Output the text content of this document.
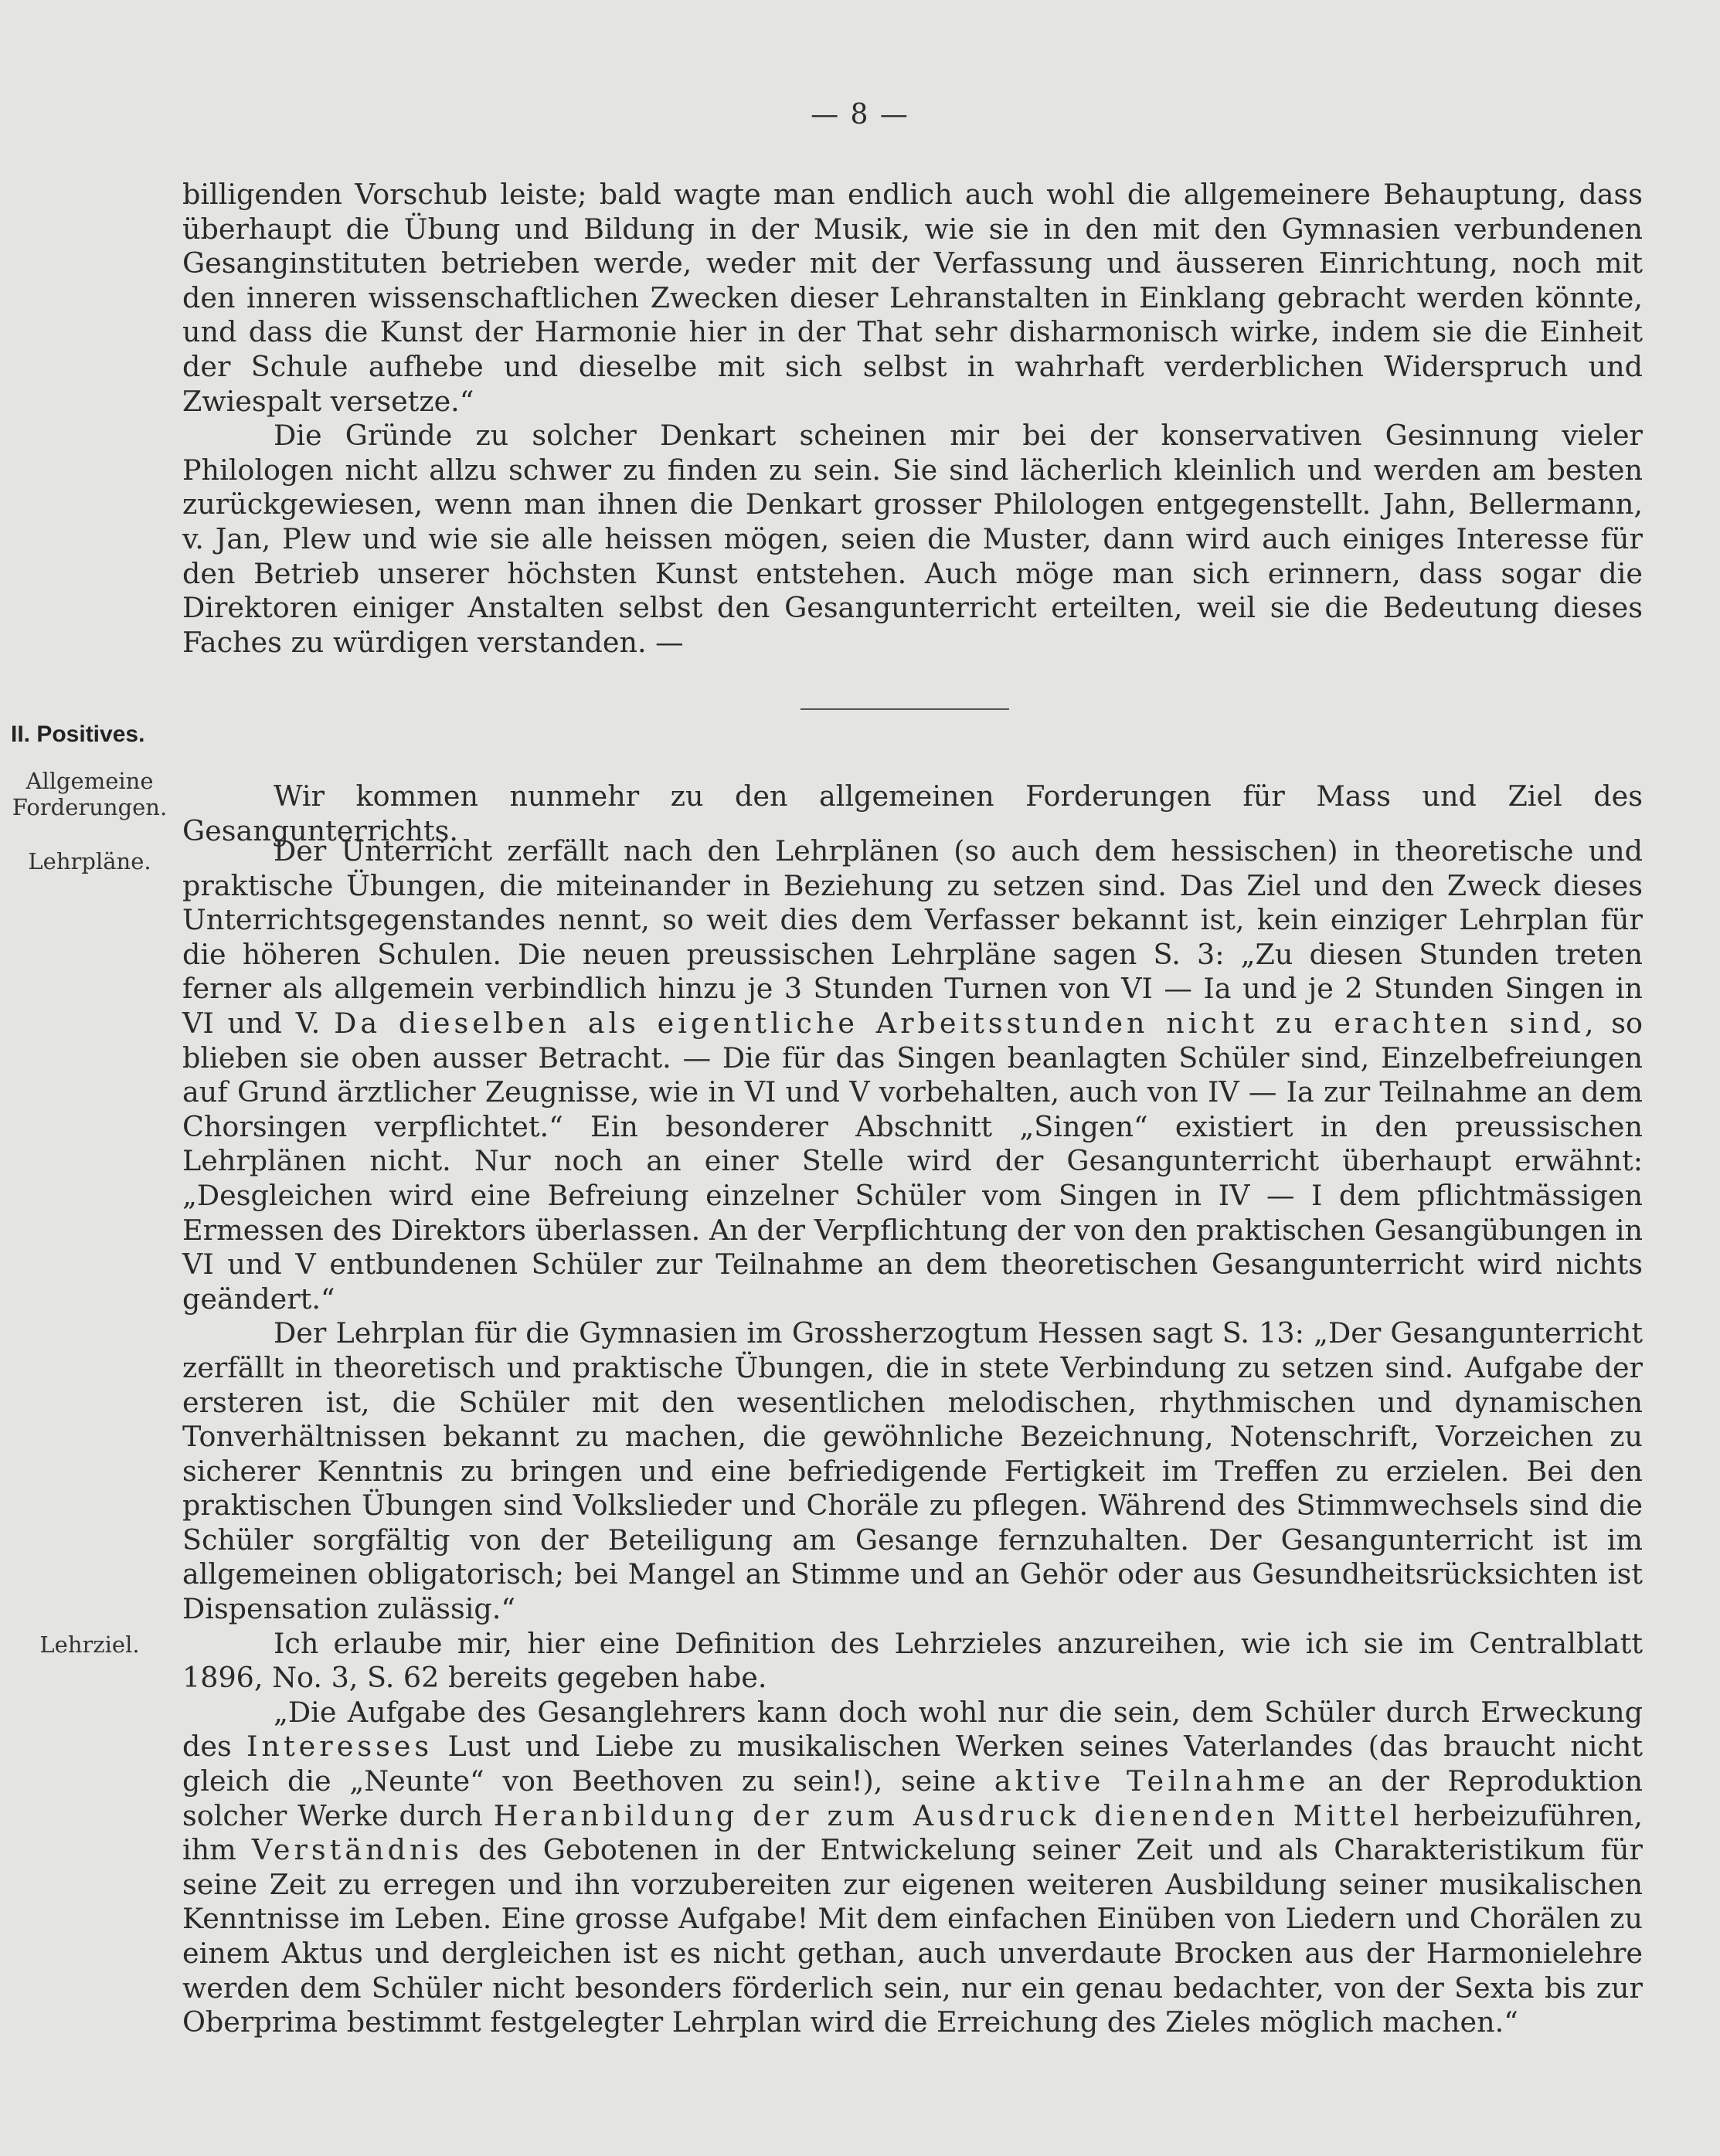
— 8 —

billigenden Vorschub leiste; bald wagte man endlich auch wohl die allgemeinere Behauptung, dass überhaupt die Übung und Bildung in der Musik, wie sie in den mit den Gymnasien verbundenen Gesanginstituten betrieben werde, weder mit der Verfassung und äusseren Einrichtung, noch mit den inneren wissenschaftlichen Zwecken dieser Lehranstalten in Einklang gebracht werden könnte, und dass die Kunst der Harmonie hier in der That sehr disharmonisch wirke, indem sie die Einheit der Schule aufhebe und dieselbe mit sich selbst in wahrhaft verderblichen Widerspruch und Zwiespalt versetze.“

Die Gründe zu solcher Denkart scheinen mir bei der konservativen Gesinnung vieler Philologen nicht allzu schwer zu finden zu sein. Sie sind lächerlich kleinlich und werden am besten zurückgewiesen, wenn man ihnen die Denkart grosser Philologen entgegenstellt. Jahn, Bellermann, v. Jan, Plew und wie sie alle heissen mögen, seien die Muster, dann wird auch einiges Interesse für den Betrieb unserer höchsten Kunst entstehen. Auch möge man sich erinnern, dass sogar die Direktoren einiger Anstalten selbst den Gesangunterricht erteilten, weil sie die Bedeutung dieses Faches zu würdigen verstanden. —

II. Positives.
Allgemeine
Forderungen.
Lehrpläne.
Lehrziel.

Wir kommen nunmehr zu den allgemeinen Forderungen für Mass und Ziel des Gesangunterrichts.

Der Unterricht zerfällt nach den Lehrplänen (so auch dem hessischen) in theoretische und praktische Übungen, die miteinander in Beziehung zu setzen sind. Das Ziel und den Zweck dieses Unterrichtsgegenstandes nennt, so weit dies dem Verfasser bekannt ist, kein einziger Lehrplan für die höheren Schulen. Die neuen preussischen Lehrpläne sagen S. 3: „Zu diesen Stunden treten ferner als allgemein verbindlich hinzu je 3 Stunden Turnen von VI — Ia und je 2 Stunden Singen in VI und V. Da dieselben als eigentliche Arbeitsstunden nicht zu erachten sind, so blieben sie oben ausser Betracht. — Die für das Singen beanlagten Schüler sind, Einzelbefreiungen auf Grund ärztlicher Zeugnisse, wie in VI und V vorbehalten, auch von IV — Ia zur Teilnahme an dem Chorsingen verpflichtet.“ Ein besonderer Abschnitt „Singen“ existiert in den preussischen Lehrplänen nicht. Nur noch an einer Stelle wird der Gesangunterricht überhaupt erwähnt: „Desgleichen wird eine Befreiung einzelner Schüler vom Singen in IV — I dem pflichtmässigen Ermessen des Direktors überlassen. An der Verpflichtung der von den praktischen Gesangübungen in VI und V entbundenen Schüler zur Teilnahme an dem theoretischen Gesangunterricht wird nichts geändert.“

Der Lehrplan für die Gymnasien im Grossherzogtum Hessen sagt S. 13: „Der Gesangunterricht zerfällt in theoretisch und praktische Übungen, die in stete Verbindung zu setzen sind. Aufgabe der ersteren ist, die Schüler mit den wesentlichen melodischen, rhythmischen und dynamischen Tonverhältnissen bekannt zu machen, die gewöhnliche Bezeichnung, Notenschrift, Vorzeichen zu sicherer Kenntnis zu bringen und eine befriedigende Fertigkeit im Treffen zu erzielen. Bei den praktischen Übungen sind Volkslieder und Choräle zu pflegen. Während des Stimmwechsels sind die Schüler sorgfältig von der Beteiligung am Gesange fernzuhalten. Der Gesangunterricht ist im allgemeinen obligatorisch; bei Mangel an Stimme und an Gehör oder aus Gesundheitsrücksichten ist Dispensation zulässig.“

Ich erlaube mir, hier eine Definition des Lehrzieles anzureihen, wie ich sie im Centralblatt 1896, No. 3, S. 62 bereits gegeben habe.

„Die Aufgabe des Gesanglehrers kann doch wohl nur die sein, dem Schüler durch Erweckung des Interesses Lust und Liebe zu musikalischen Werken seines Vaterlandes (das braucht nicht gleich die „Neunte“ von Beethoven zu sein!), seine aktive Teilnahme an der Reproduktion solcher Werke durch Heranbildung der zum Ausdruck dienenden Mittel herbeizuführen, ihm Verständnis des Gebotenen in der Entwickelung seiner Zeit und als Charakteristikum für seine Zeit zu erregen und ihn vorzubereiten zur eigenen weiteren Ausbildung seiner musikalischen Kenntnisse im Leben. Eine grosse Aufgabe! Mit dem einfachen Einüben von Liedern und Chorälen zu einem Aktus und dergleichen ist es nicht gethan, auch unverdaute Brocken aus der Harmonielehre werden dem Schüler nicht besonders förderlich sein, nur ein genau bedachter, von der Sexta bis zur Oberprima bestimmt festgelegter Lehrplan wird die Erreichung des Zieles möglich machen.“
